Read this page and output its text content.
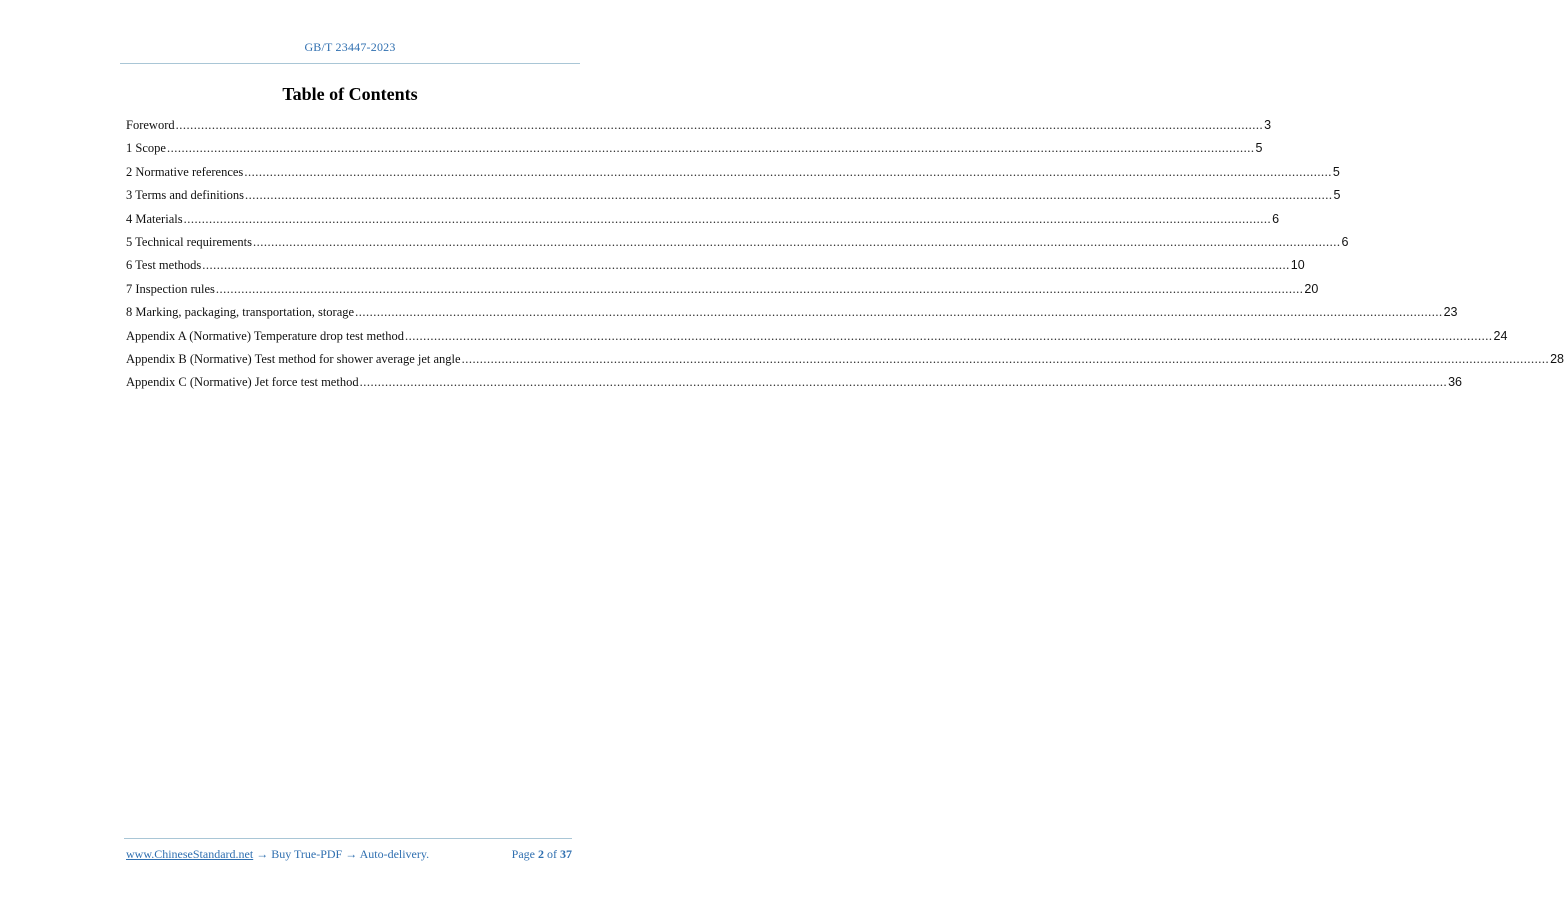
GB/T 23447-2023
Table of Contents
Foreword ............................................................................................................................................................................................................................................................................................................ 3
1 Scope ............................................................................................................................................................................................................................................................................................................ 5
2 Normative references ............................................................................................................................................................................................................................................................................................................ 5
3 Terms and definitions ............................................................................................................................................................................................................................................................................................................ 5
4 Materials ............................................................................................................................................................................................................................................................................................................ 6
5 Technical requirements ............................................................................................................................................................................................................................................................................................................ 6
6 Test methods ............................................................................................................................................................................................................................................................................................................ 10
7 Inspection rules ............................................................................................................................................................................................................................................................................................................ 20
8 Marking, packaging, transportation, storage ............................................................................................................................................................................................................................................................................................................ 23
Appendix A (Normative) Temperature drop test method ............................................................................................................................................................................................................................................................................................................ 24
Appendix B (Normative) Test method for shower average jet angle ............................................................................................................................................................................................................................................................................................................ 28
Appendix C (Normative) Jet force test method ............................................................................................................................................................................................................................................................................................................ 36
www.ChineseStandard.net → Buy True-PDF → Auto-delivery.	Page 2 of 37
